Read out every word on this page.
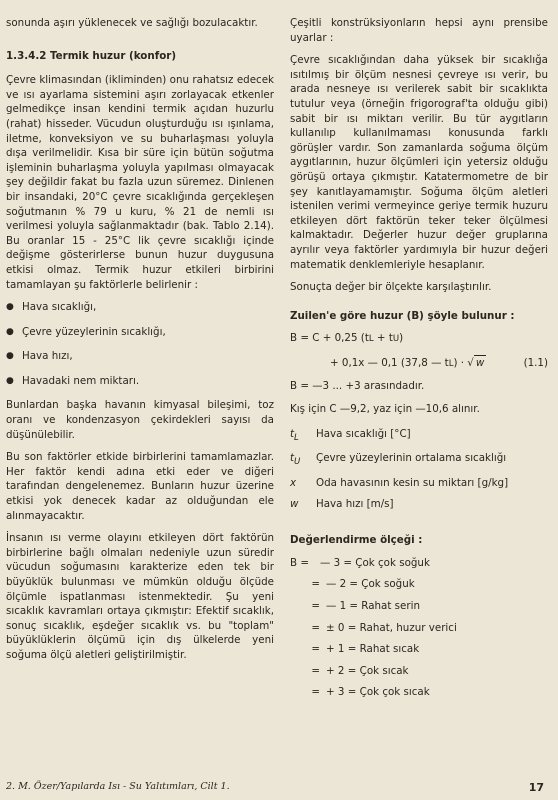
sonunda aşırı yüklenecek ve sağlığı bozulacaktır.

1.3.4.2 Termik huzur (konfor)

Çevre klimasından (ikliminden) onu rahatsız edecek ve ısı ayarlama sistemini aşırı zorlayacak etkenler gelmedikçe insan kendini termik açıdan huzurlu (rahat) hisseder. Vücudun oluşturduğu ısı ışınlama, iletme, konveksiyon ve su buharlaşması yoluyla dışa verilmelidir. Kısa bir süre için bütün soğutma işleminin buharlaşma yoluyla yapılması olmayacak şey değildir fakat bu fazla uzun süremez. Dinlenen bir insandaki, 20°C çevre sıcaklığında gerçekleşen soğutmanın % 79 u kuru, % 21 de nemli ısı verilmesi yoluyla sağlanmaktadır (bak. Tablo 2.14). Bu oranlar 15 - 25°C lik çevre sıcaklığı içinde değişme gösterirlerse bunun huzur duygusuna etkisi olmaz. Termik huzur etkileri birbirini tamamlayan şu faktörlerle belirlenir :

● Hava sıcaklığı,
● Çevre yüzeylerinin sıcaklığı,
● Hava hızı,
● Havadaki nem miktarı.

Bunlardan başka havanın kimyasal bileşimi, toz oranı ve kondenzasyon çekirdekleri sayısı da düşünülebilir.

Bu son faktörler etkide birbirlerini tamamlamazlar. Her faktör kendi adına etki eder ve diğeri tarafından dengelenemez. Bunların huzur üzerine etkisi yok denecek kadar az olduğundan ele alınmayacaktır.

İnsanın ısı verme olayını etkileyen dört faktörün birbirlerine bağlı olmaları nedeniyle uzun süredir vücudun soğumasını karakterize eden tek bir büyüklük bulunması ve mümkün olduğu ölçüde ölçümle ispatlanması istenmektedir. Şu yeni sıcaklık kavramları ortaya çıkmıştır: Efektif sıcaklık, sonuç sıcaklık, eşdeğer sıcaklık vs. bu "toplam" büyüklüklerin ölçümü için dış ülkelerde yeni soğuma ölçü aletleri geliştirilmiştir.

Çeşitli konstrüksiyonların hepsi aynı prensibe uyarlar :

Çevre sıcaklığından daha yüksek bir sıcaklığa ısıtılmış bir ölçüm nesnesi çevreye ısı verir, bu arada nesneye ısı verilerek sabit bir sıcaklıkta tutulur veya (örneğin frigorograf'ta olduğu gibi) sabit bir ısı miktarı verilir. Bu tür aygıtların kullanılıp kullanılmaması konusunda farklı görüşler vardır. Son zamanlarda soğuma ölçüm aygıtlarının, huzur ölçümleri için yetersiz olduğu görüşü ortaya çıkmıştır. Katatermometre de bir şey kanıtlayamamıştır. Soğuma ölçüm aletleri istenilen verimi vermeyince geriye termik huzuru etkileyen dört faktörün teker teker ölçülmesi kalmaktadır. Değerler huzur değer gruplarına ayrılır veya faktörler yardımıyla bir huzur değeri matematik denklemleriyle hesaplanır.

Sonuçta değer bir ölçekte karşılaştırılır.

Zuilen'e göre huzur (B) şöyle bulunur :

B = C + 0,25 (t L + t U )
+ 0,1x — 0,1 (37,8 — t L ) · √ w	(1.1)
B = —3 ... +3 arasındadır.
Kış için C —9,2, yaz için —10,6 alınır.
$t_L$	Hava sıcaklığı [°C]
$t_U$	Çevre yüzeylerinin ortalama sıcaklığı
x	Oda havasının kesin su miktarı [g/kg]
w	Hava hızı [m/s]

Değerlendirme ölçeği :

B =	— 3 = Çok çok soğuk
= — 2 = Çok soğuk
= — 1 = Rahat serin
= ± 0 = Rahat, huzur verici
= + 1 = Rahat sıcak
= + 2 = Çok sıcak
= + 3 = Çok çok sıcak
2. M. Özer/Yapılarda Isı - Su Yalıtımları, Cilt 1.	17
